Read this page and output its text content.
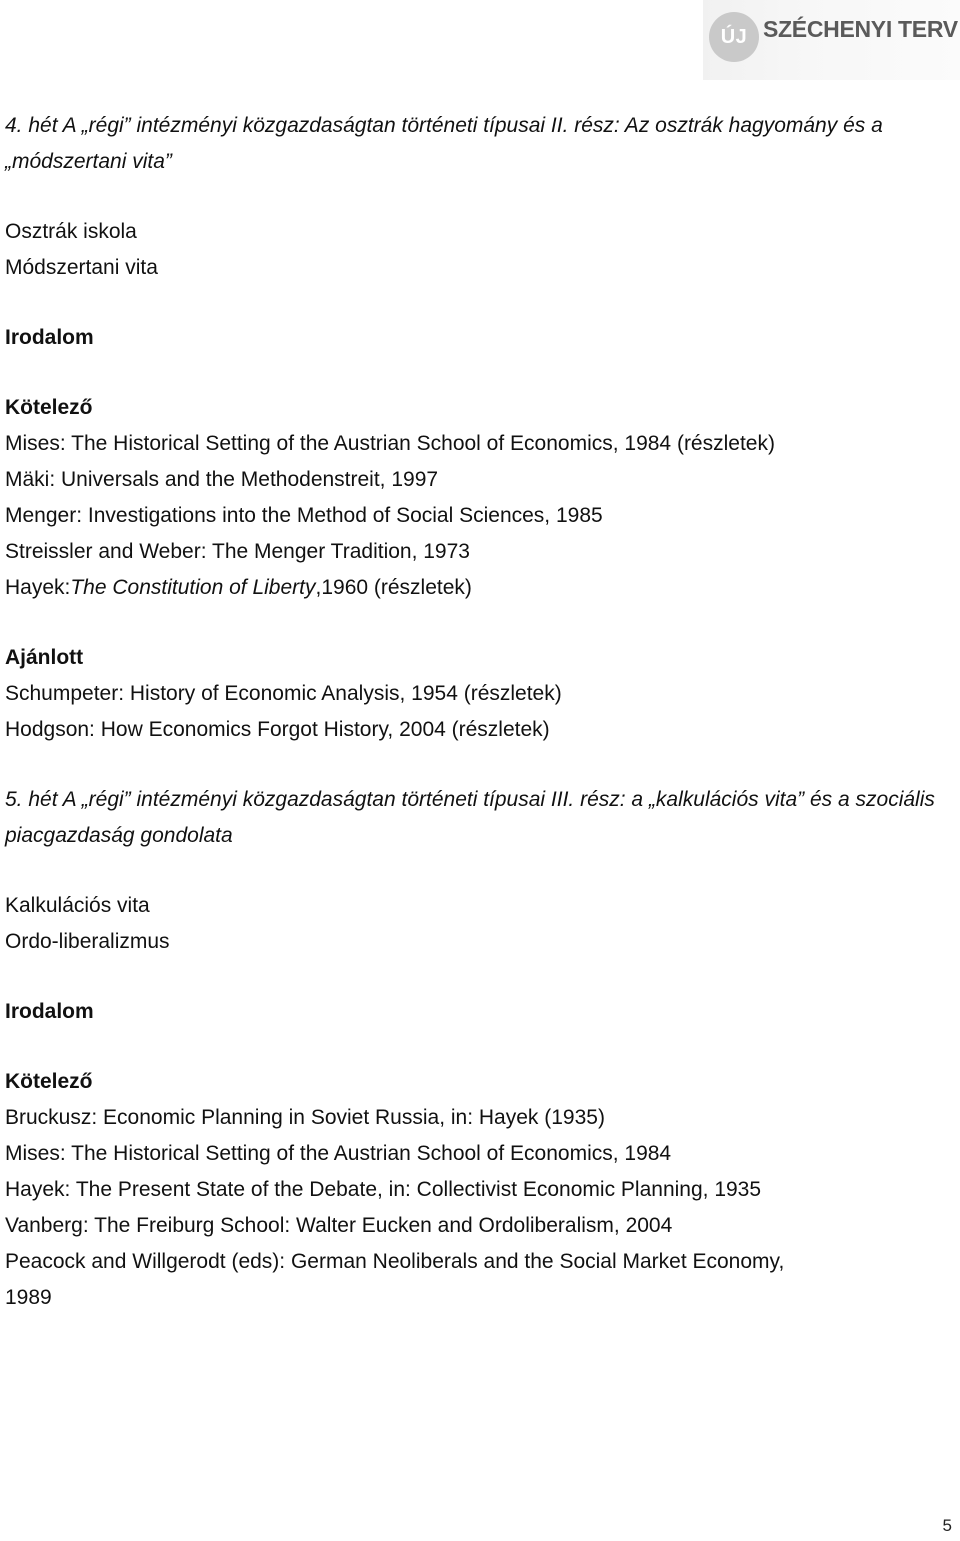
ÚJ SZÉCHENYI TERV

4. hét A „régi” intézményi közgazdaságtan történeti típusai II. rész: Az osztrák hagyomány és a „módszertani vita”

Osztrák iskola

Módszertani vita

Irodalom

Kötelező

Mises: The Historical Setting of the Austrian School of Economics, 1984 (részletek)

Mäki: Universals and the Methodenstreit, 1997

Menger: Investigations into the Method of Social Sciences, 1985

Streissler and Weber: The Menger Tradition, 1973

Hayek:The Constitution of Liberty,1960 (részletek)

Ajánlott

Schumpeter: History of Economic Analysis, 1954 (részletek)

Hodgson: How Economics Forgot History, 2004 (részletek)

5. hét A „régi” intézményi közgazdaságtan történeti típusai III. rész: a „kalkulációs vita” és a szociális piacgazdaság gondolata

Kalkulációs vita

Ordo-liberalizmus

Irodalom

Kötelező

Bruckusz: Economic Planning in Soviet Russia, in: Hayek (1935)

Mises: The Historical Setting of the Austrian School of Economics, 1984

Hayek: The Present State of the Debate, in: Collectivist Economic Planning, 1935

Vanberg: The Freiburg School: Walter Eucken and Ordoliberalism, 2004

Peacock and Willgerodt (eds): German Neoliberals and the Social Market Economy,

1989

5
